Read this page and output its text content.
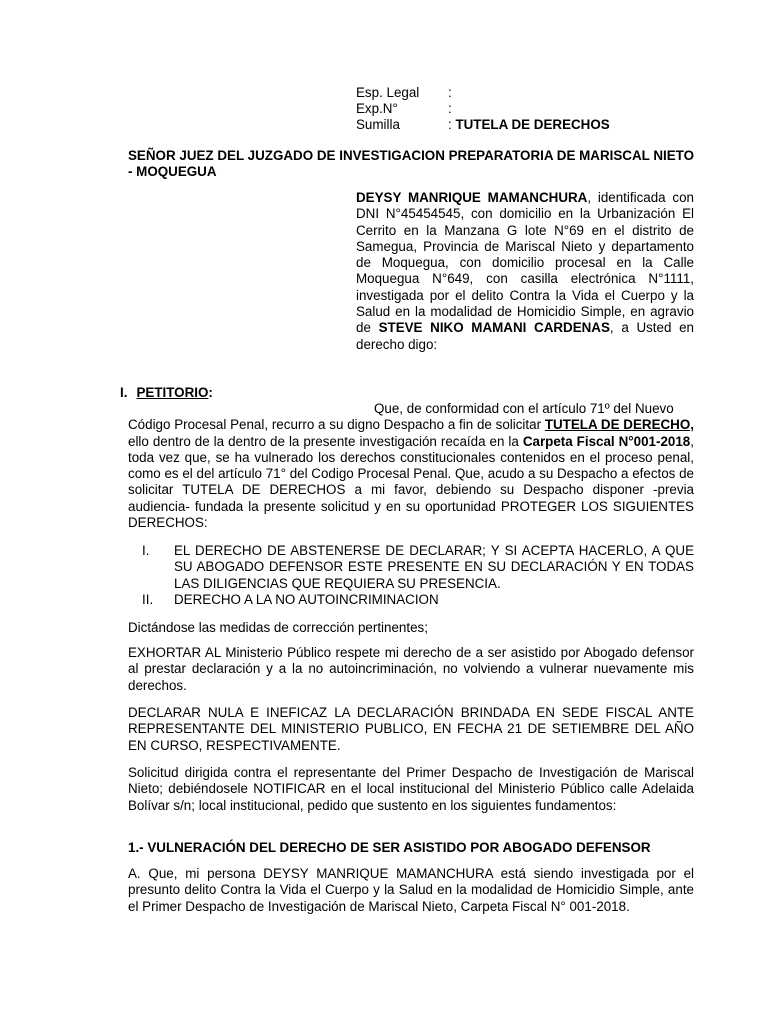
Esp. Legal :
Exp.N°	:
Sumilla	: TUTELA DE DERECHOS
SEÑOR JUEZ DEL JUZGADO DE INVESTIGACION PREPARATORIA DE MARISCAL NIETO - MOQUEGUA
DEYSY MANRIQUE MAMANCHURA, identificada con DNI N°45454545, con domicilio en la Urbanización El Cerrito en la Manzana G lote N°69 en el distrito de Samegua, Provincia de Mariscal Nieto y departamento de Moquegua, con domicilio procesal en la Calle Moquegua N°649, con casilla electrónica N°1111, investigada por el delito Contra la Vida el Cuerpo y la Salud en la modalidad de Homicidio Simple, en agravio de STEVE NIKO MAMANI CARDENAS, a Usted en derecho digo:
I. PETITORIO:
Que, de conformidad con el artículo 71º del Nuevo
Código Procesal Penal, recurro a su digno Despacho a fin de solicitar TUTELA DE DERECHO, ello dentro de la dentro de la presente investigación recaída en la Carpeta Fiscal N°001-2018, toda vez que, se ha vulnerado los derechos constitucionales contenidos en el proceso penal, como es el del artículo 71° del Codigo Procesal Penal. Que, acudo a su Despacho a efectos de solicitar TUTELA DE DERECHOS a mi favor, debiendo su Despacho disponer -previa audiencia- fundada la presente solicitud y en su oportunidad PROTEGER LOS SIGUIENTES DERECHOS:
I. EL DERECHO DE ABSTENERSE DE DECLARAR; Y SI ACEPTA HACERLO, A QUE SU ABOGADO DEFENSOR ESTE PRESENTE EN SU DECLARACIÓN Y EN TODAS LAS DILIGENCIAS QUE REQUIERA SU PRESENCIA.
II. DERECHO A LA NO AUTOINCRIMINACION
Dictándose las medidas de corrección pertinentes;
EXHORTAR AL Ministerio Público respete mi derecho de a ser asistido por Abogado defensor al prestar declaración y a la no autoincriminación, no volviendo a vulnerar nuevamente mis derechos.
DECLARAR NULA E INEFICAZ LA DECLARACIÓN BRINDADA EN SEDE FISCAL ANTE REPRESENTANTE DEL MINISTERIO PUBLICO, EN FECHA 21 DE SETIEMBRE DEL AÑO EN CURSO, RESPECTIVAMENTE.
Solicitud dirigida contra el representante del Primer Despacho de Investigación de Mariscal Nieto; debiéndosele NOTIFICAR en el local institucional del Ministerio Público calle Adelaida Bolívar s/n; local institucional, pedido que sustento en los siguientes fundamentos:
1.- VULNERACIÓN DEL DERECHO DE SER ASISTIDO POR ABOGADO DEFENSOR
A. Que, mi persona DEYSY MANRIQUE MAMANCHURA está siendo investigada por el presunto delito Contra la Vida el Cuerpo y la Salud en la modalidad de Homicidio Simple, ante el Primer Despacho de Investigación de Mariscal Nieto, Carpeta Fiscal N° 001-2018.
